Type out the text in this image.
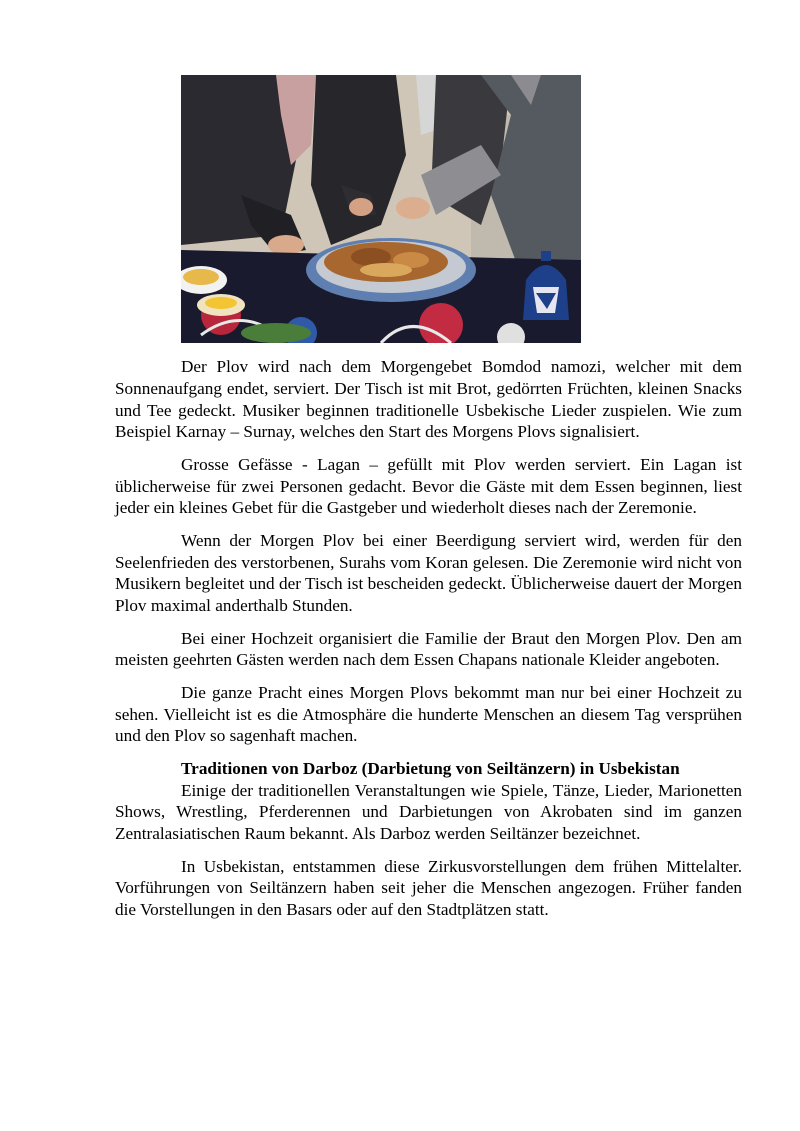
Der Plov wird nach dem Morgengebet Bomdod namozi, welcher mit dem Sonnenaufgang endet, serviert. Der Tisch ist mit Brot, gedörrten Früchten, kleinen Snacks und Tee gedeckt. Musiker beginnen traditionelle Usbekische Lieder zuspielen. Wie zum Beispiel Karnay – Surnay, welches den Start des Morgens Plovs signalisiert.

Grosse Gefässe - Lagan – gefüllt mit Plov werden serviert. Ein Lagan ist üblicherweise für zwei Personen gedacht. Bevor die Gäste mit dem Essen beginnen, liest jeder ein kleines Gebet für die Gastgeber und wiederholt dieses nach der Zeremonie.

Wenn der Morgen Plov bei einer Beerdigung serviert wird, werden für den Seelenfrieden des verstorbenen, Surahs vom Koran gelesen. Die Zeremonie wird nicht von Musikern begleitet und der Tisch ist bescheiden gedeckt. Üblicherweise dauert der Morgen Plov maximal anderthalb Stunden.

Bei einer Hochzeit organisiert die Familie der Braut den Morgen Plov. Den am meisten geehrten Gästen werden nach dem Essen Chapans nationale Kleider angeboten.

Die ganze Pracht eines Morgen Plovs bekommt man nur bei einer Hochzeit zu sehen. Vielleicht ist es die Atmosphäre die hunderte Menschen an diesem Tag versprühen und den Plov so sagenhaft machen.

Traditionen von Darboz (Darbietung von Seiltänzern) in Usbekistan

Einige der traditionellen Veranstaltungen wie Spiele, Tänze, Lieder, Marionetten Shows, Wrestling, Pferderennen und Darbietungen von Akrobaten sind im ganzen Zentralasiatischen Raum bekannt. Als Darboz werden Seiltänzer bezeichnet.

In Usbekistan, entstammen diese Zirkusvorstellungen dem frühen Mittelalter. Vorführungen von Seiltänzern haben seit jeher die Menschen angezogen. Früher fanden die Vorstellungen in den Basars oder auf den Stadtplätzen statt.
